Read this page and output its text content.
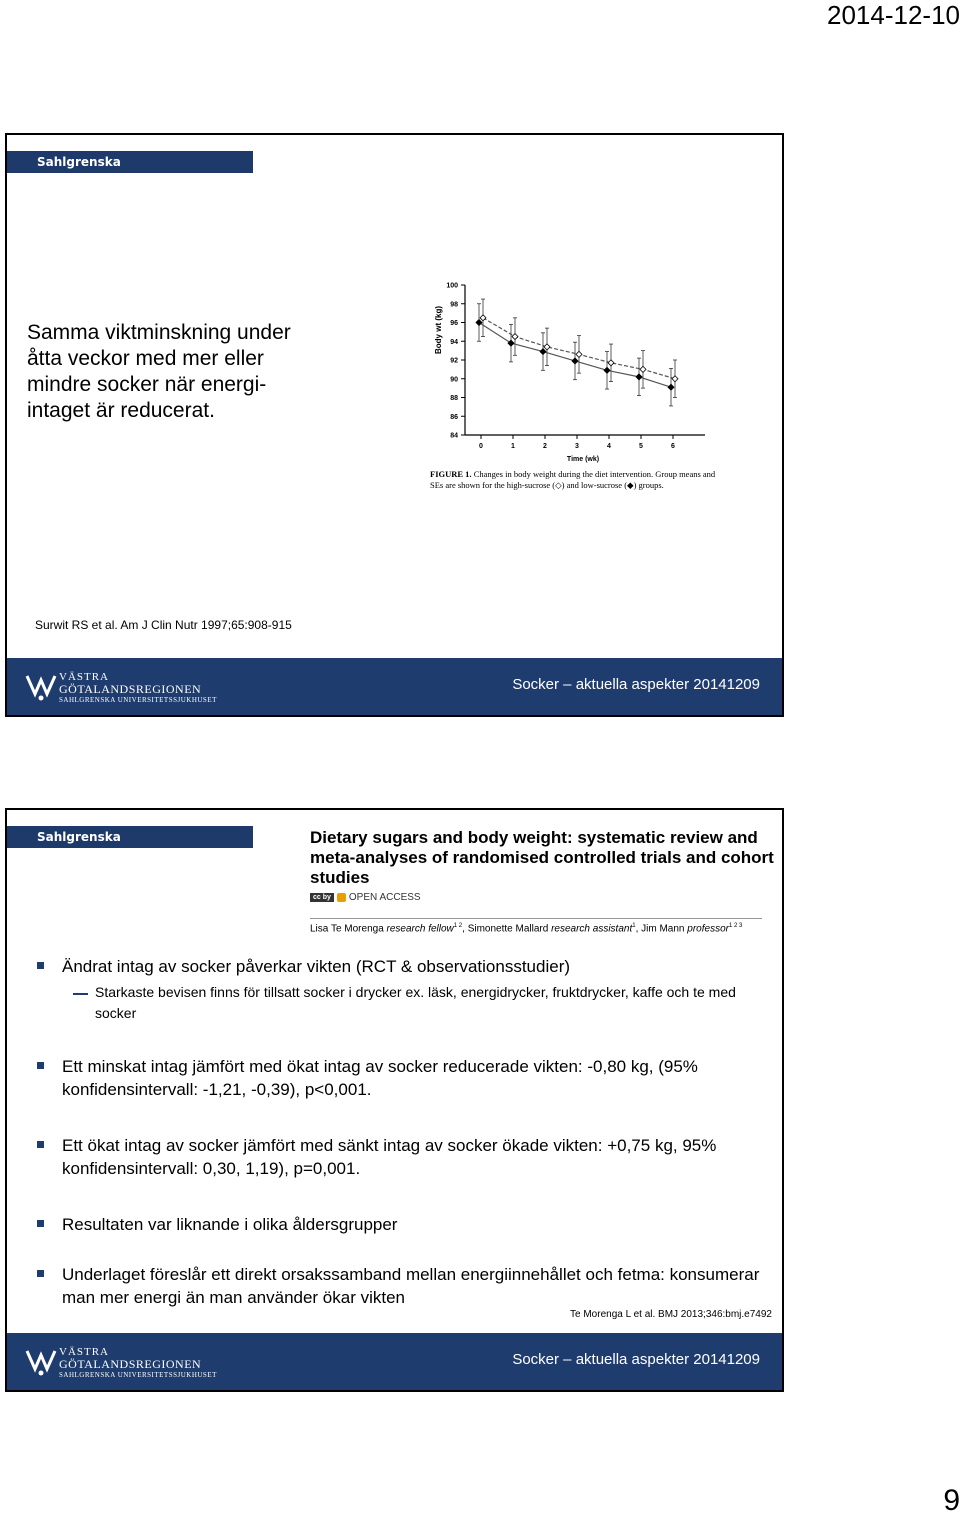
2014-12-10
Sahlgrenska Universitetssjukhuset
Samma viktminskning under åtta veckor med mer eller mindre socker när energi-intaget är reducerat.
84
86
88
90
92
94
96
98
100
0	1	2	3	4	5	6
Body wt (kg)
Time (wk)
FIGURE 1. Changes in body weight during the diet intervention. Group means and SEs are shown for the high-sucrose (◇) and low-sucrose (◆) groups.
Surwit RS et al. Am J Clin Nutr 1997;65:908-915
VÄSTRA
GÖTALANDSREGIONEN
SAHLGRENSKA UNIVERSITETSSJUKHUSET
Socker – aktuella aspekter 20141209
Sahlgrenska Universitetssjukhuset
Dietary sugars and body weight: systematic review and meta-analyses of randomised controlled trials and cohort studies
cc by	OPEN ACCESS
Lisa Te Morenga research fellow$^{1 2}$, Simonette Mallard research assistant$^1$, Jim Mann professor$^{1 2 3}$
Ändrat intag av socker påverkar vikten (RCT & observationsstudier)
Starkaste bevisen finns för tillsatt socker i drycker ex. läsk, energidrycker, fruktdrycker, kaffe och te med socker
Ett minskat intag jämfört med ökat intag av socker reducerade vikten: -0,80 kg, (95% konfidensintervall: -1,21, -0,39), p<0,001.
Ett ökat intag av socker jämfört med sänkt intag av socker ökade vikten: +0,75 kg, 95% konfidensintervall: 0,30, 1,19), p=0,001.
Resultaten var liknande i olika åldersgrupper
Underlaget föreslår ett direkt orsakssamband mellan energiinnehållet och fetma: konsumerar man mer energi än man använder ökar vikten
Te Morenga L et al. BMJ 2013;346:bmj.e7492
VÄSTRA
GÖTALANDSREGIONEN
SAHLGRENSKA UNIVERSITETSSJUKHUSET
Socker – aktuella aspekter 20141209
9
